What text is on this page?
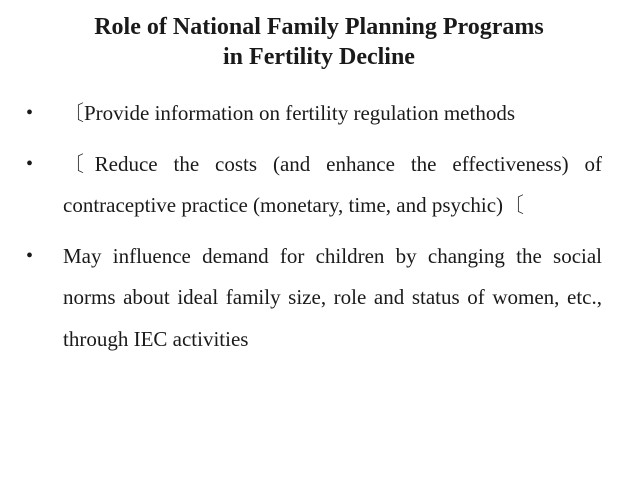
Role of National Family Planning Programs
in Fertility Decline
• 〔Provide information on fertility regulation methods
• 〔Reduce the costs (and enhance the effectiveness) of contraceptive practice (monetary, time, and psychic)〔
• May influence demand for children by changing the social norms about ideal family size, role and status of women, etc., through IEC activities
